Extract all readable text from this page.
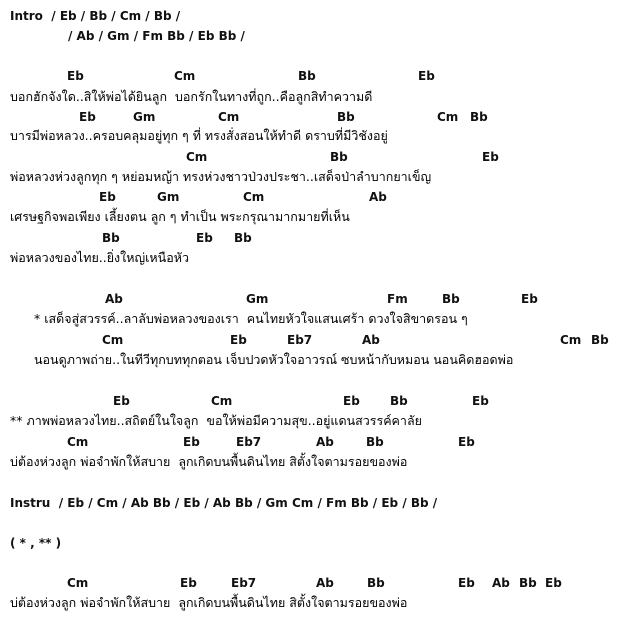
Intro  / Eb / Bb / Cm / Bb /
/ Ab / Gm / Fm Bb / Eb Bb /
Eb	Cm	Bb	Eb
บอกฮักจังใด..สิให้พ่อได้ยินลูก  บอกรักในทางที่ถูก..คือลูกสิทำความดี
Eb	Gm	Cm	Bb	Cm Bb
บารมีพ่อหลวง..ครอบคลุมอยู่ทุก ๆ ที่ ทรงสั่งสอนให้ทำดี ดราบที่มีวิชังอยู่
Cm	Bb	Eb
พ่อหลวงห่วงลูกทุก ๆ หย่อมหญ้า ทรงห่วงชาวป่วงประชา..เสด็จป่าลำบากยาเข็ญ
Eb	Gm	Cm	Ab
เศรษฐกิจพอเพียง เลี้ยงตน ลูก ๆ ทำเป็น พระกรุณามากมายที่เห็น
Bb	Eb Bb
พ่อหลวงของไทย..ยิ่งใหญ่เหนือหัว
Ab	Gm	Fm	Bb	Eb
* เสด็จสู่สวรรค์..ลาลับพ่อหลวงของเรา  คนไทยหัวใจแสนเศร้า ดวงใจสิขาดรอน ๆ
Cm	Eb	Eb7	Ab	Cm Bb
นอนดูภาพถ่าย..ในทีวีทุกบททุกตอน เจ็บปวดหัวใจอาวรณ์ ซบหน้ากับหมอน นอนคิดฮอดพ่อ
Eb	Cm	Eb	Bb	Eb
** ภาพพ่อหลวงไทย..สถิตย์ในใจลูก  ขอให้พ่อมีความสุข..อยู่แดนสวรรค์คาลัย
Cm	Eb	Eb7	Ab	Bb	Eb
บ่ต้องห่วงลูก พ่อจำพักให้สบาย  ลูกเกิดบนพื้นดินไทย สิตั้งใจตามรอยของพ่อ
Instru  / Eb / Cm / Ab Bb / Eb / Ab Bb / Gm Cm / Fm Bb / Eb / Bb /
( * , ** )
Cm	Eb	Eb7	Ab	Bb	Eb Ab Bb Eb
บ่ต้องห่วงลูก พ่อจำพักให้สบาย  ลูกเกิดบนพื้นดินไทย สิตั้งใจตามรอยของพ่อ
